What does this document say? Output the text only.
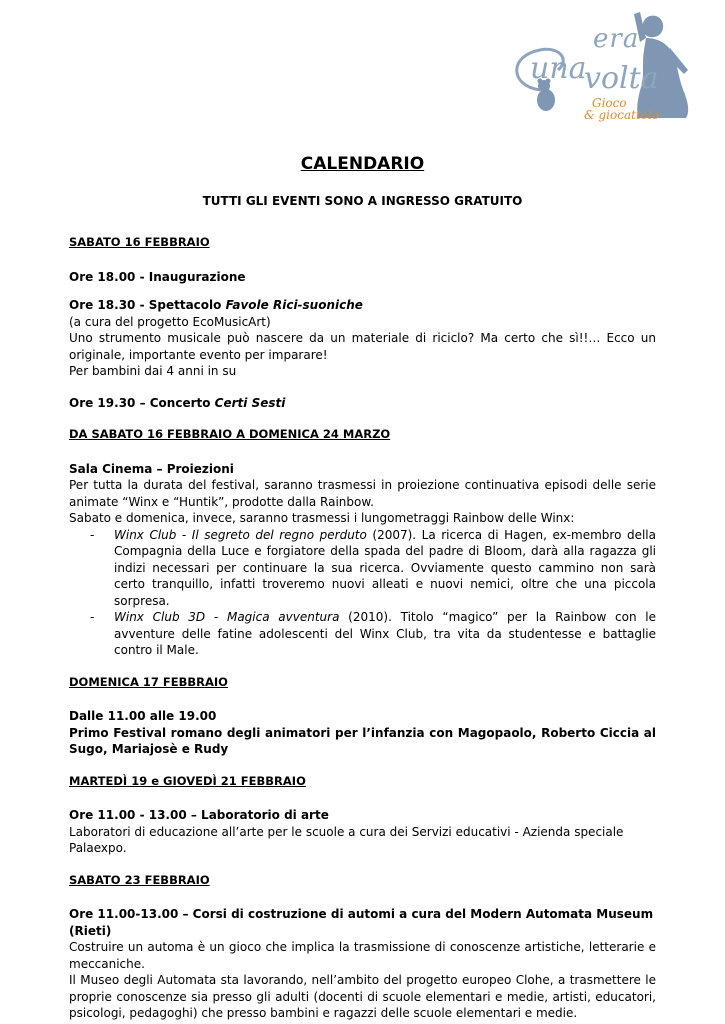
era
una
volta
Gioco
& giocattolo
CALENDARIO
TUTTI GLI EVENTI SONO A INGRESSO GRATUITO

SABATO 16 FEBBRAIO

Ore 18.00 - Inaugurazione

Ore 18.30 - Spettacolo Favole Rici-suoniche

(a cura del progetto EcoMusicArt)

Uno strumento musicale può nascere da un materiale di riciclo? Ma certo che sì!!… Ecco un originale, importante evento per imparare!

Per bambini dai 4 anni in su

Ore 19.30 – Concerto Certi Sesti

DA SABATO 16 FEBBRAIO A DOMENICA 24 MARZO

Sala Cinema – Proiezioni

Per tutta la durata del festival, saranno trasmessi in proiezione continuativa episodi delle serie animate “Winx e “Huntik”, prodotte dalla Rainbow.

Sabato e domenica, invece, saranno trasmessi i lungometraggi Rainbow delle Winx:

- Winx Club - Il segreto del regno perduto (2007). La ricerca di Hagen, ex-membro della Compagnia della Luce e forgiatore della spada del padre di Bloom, darà alla ragazza gli indizi necessari per continuare la sua ricerca. Ovviamente questo cammino non sarà certo tranquillo, infatti troveremo nuovi alleati e nuovi nemici, oltre che una piccola sorpresa.
- Winx Club 3D - Magica avventura (2010). Titolo “magico” per la Rainbow con le avventure delle fatine adolescenti del Winx Club, tra vita da studentesse e battaglie contro il Male.

DOMENICA 17 FEBBRAIO

Dalle 11.00 alle 19.00

Primo Festival romano degli animatori per l’infanzia con Magopaolo, Roberto Ciccia al Sugo, Mariajosè e Rudy

MARTEDÌ 19 e GIOVEDÌ 21 FEBBRAIO

Ore 11.00 - 13.00 – Laboratorio di arte

Laboratori di educazione all’arte per le scuole a cura dei Servizi educativi - Azienda speciale Palaexpo.

SABATO 23 FEBBRAIO

Ore 11.00-13.00 – Corsi di costruzione di automi a cura del Modern Automata Museum (Rieti)

Costruire un automa è un gioco che implica la trasmissione di conoscenze artistiche, letterarie e meccaniche.

Il Museo degli Automata sta lavorando, nell’ambito del progetto europeo Clohe, a trasmettere le proprie conoscenze sia presso gli adulti (docenti di scuole elementari e medie, artisti, educatori, psicologi, pedagoghi) che presso bambini e ragazzi delle scuole elementari e medie.
